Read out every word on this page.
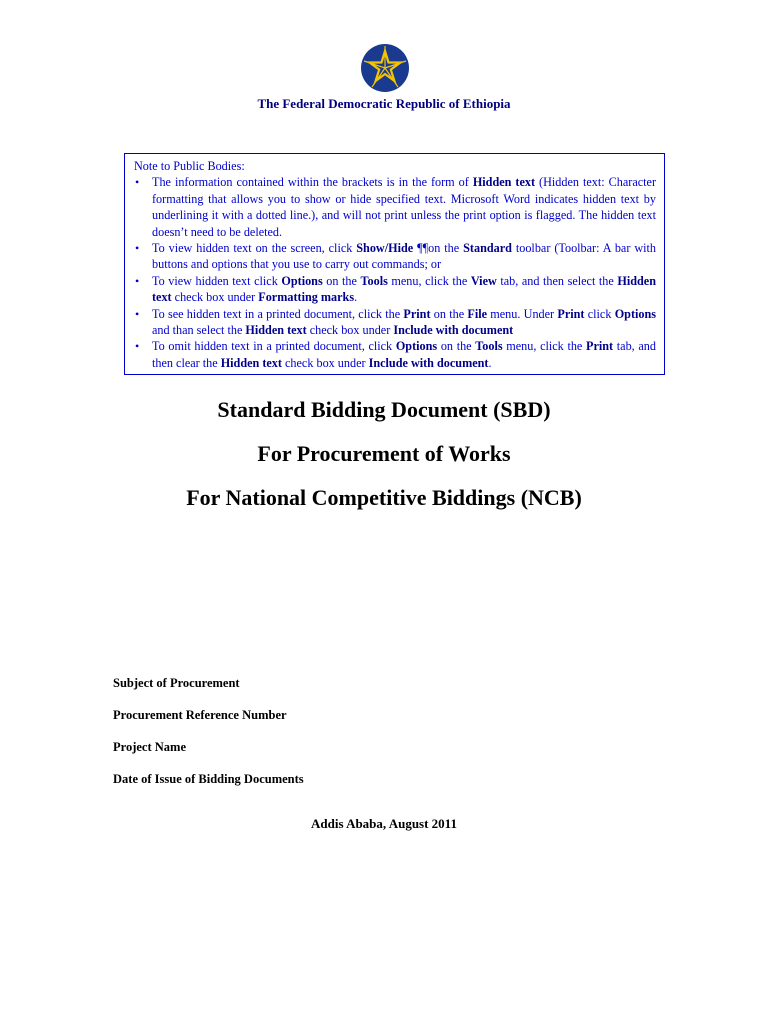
The Federal Democratic Republic of Ethiopia
Note to Public Bodies:
• The information contained within the brackets is in the form of Hidden text (Hidden text: Character formatting that allows you to show or hide specified text. Microsoft Word indicates hidden text by underlining it with a dotted line.), and will not print unless the print option is flagged. The hidden text doesn’t need to be deleted.
• To view hidden text on the screen, click Show/Hide ¶¶on the Standard toolbar (Toolbar: A bar with buttons and options that you use to carry out commands; or
• To view hidden text click Options on the Tools menu, click the View tab, and then select the Hidden text check box under Formatting marks.
• To see hidden text in a printed document, click the Print on the File menu. Under Print click Options and than select the Hidden text check box under Include with document
• To omit hidden text in a printed document, click Options on the Tools menu, click the Print tab, and then clear the Hidden text check box under Include with document.
Standard Bidding Document (SBD)
For Procurement of Works
For National Competitive Biddings (NCB)
Subject of Procurement
Procurement Reference Number
Project Name
Date of Issue of Bidding Documents
Addis Ababa, August 2011
